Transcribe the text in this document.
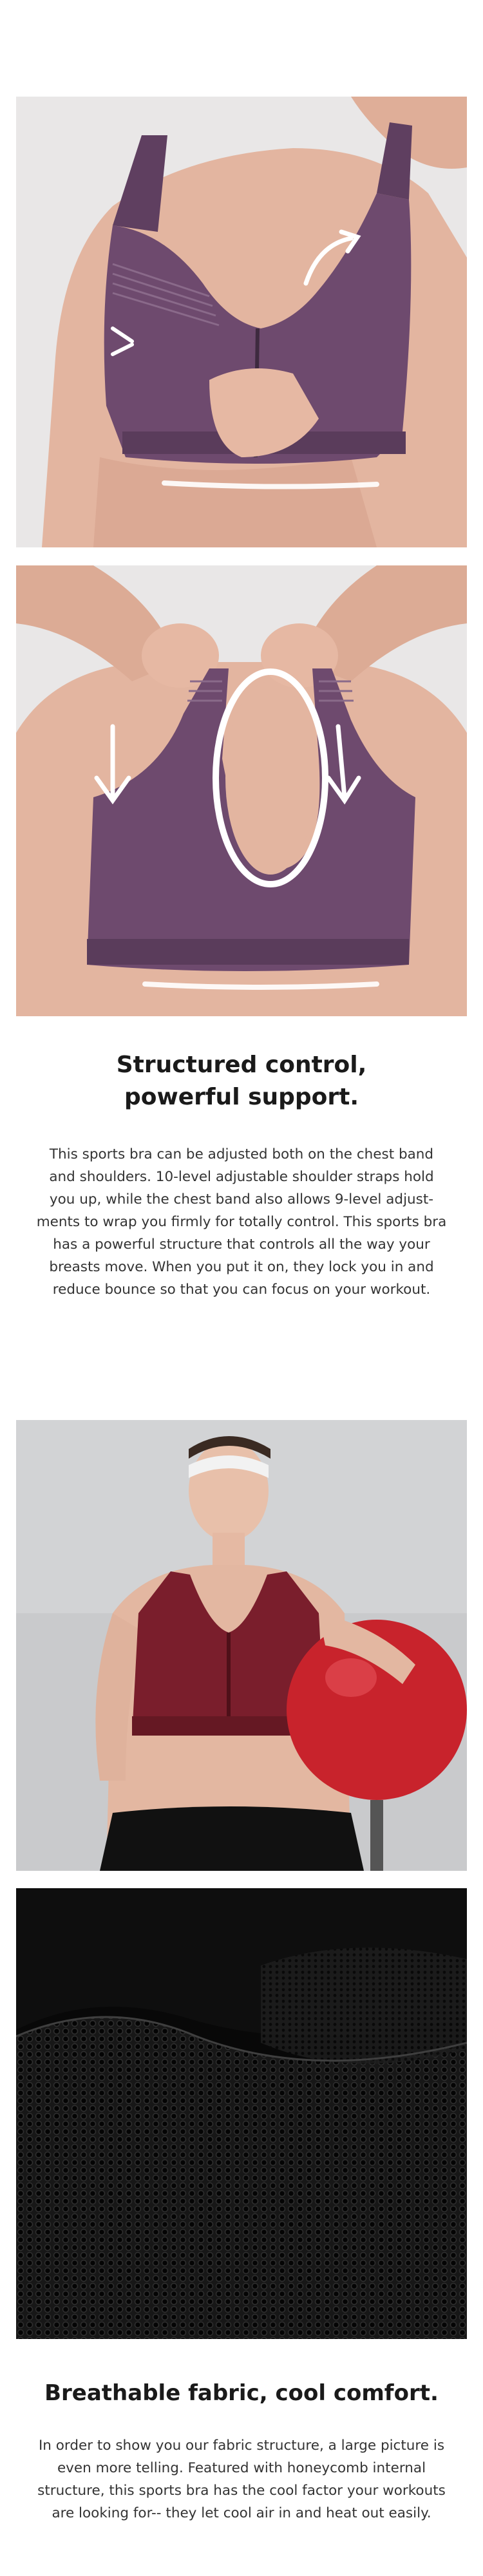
Structured control,
powerful support.
This sports bra can be adjusted both on the chest band
and shoulders. 10-level adjustable shoulder straps hold
you up, while the chest band also allows 9-level adjust-
ments to wrap you firmly for totally control. This sports bra
has a powerful structure that controls all the way your
breasts move. When you put it on, they lock you in and
reduce bounce so that you can focus on your workout.
Breathable fabric, cool comfort.
In order to show you our fabric structure, a large picture is
even more telling. Featured with honeycomb internal
structure, this sports bra has the cool factor your workouts
are looking for-- they let cool air in and heat out easily.
